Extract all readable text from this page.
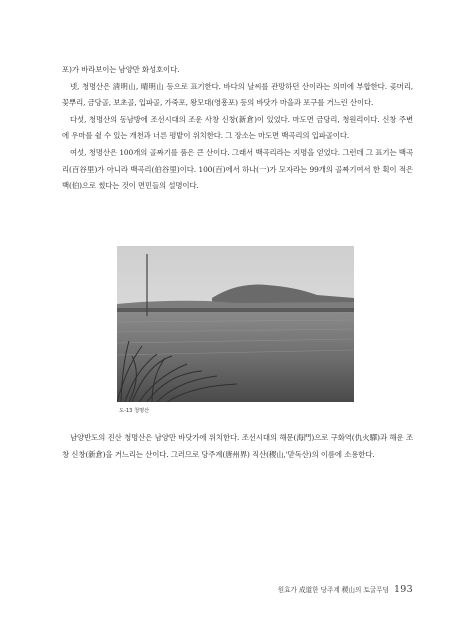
포)가 바라보이는 남양만 화성호이다.

넷, 청명산은 淸明山, 晴明山 등으로 표기한다. 바다의 날씨를 관망하던 산이라는 의미에 부합한다. 곶머리, 꽃뿌리, 금당골, 보초골, 입파골, 가죽포, 왕모대(영흥포) 등의 바닷가 마을과 포구를 거느린 산이다.

다섯, 청명산의 동남방에 조선시대의 조운 사창 신창(新倉)이 있었다. 마도면 금당리, 청원리이다. 신창 주변에 우마를 쉴 수 있는 개천과 너른 평밭이 위치한다. 그 장소는 마도면 백곡리의 입파골이다.

여섯, 청명산은 100개의 골짜기를 품은 큰 산이다. 그래서 백곡리라는 지명을 얻었다. 그런데 그 표기는 백곡리(百谷里)가 아니라 백곡리(伯谷里)이다. 100(百)에서 하나(一)가 모자라는 99개의 골짜기여서 한 획이 적은 백(伯)으로 썼다는 것이 면민들의 설명이다.

도-13 청명산

남양반도의 진산 청명산은 남양만 바닷가에 위치한다. 조선시대의 해문(海門)으로 구화역(仇火驛)과 해운 조창 신창(新倉)을 거느리는 산이다. 그러므로 당주계(唐州界) 직산(稷山,'맏독산)의 이름에 소용한다.

원효가 成道한 당주계 稷山의 토굴무덤 193
